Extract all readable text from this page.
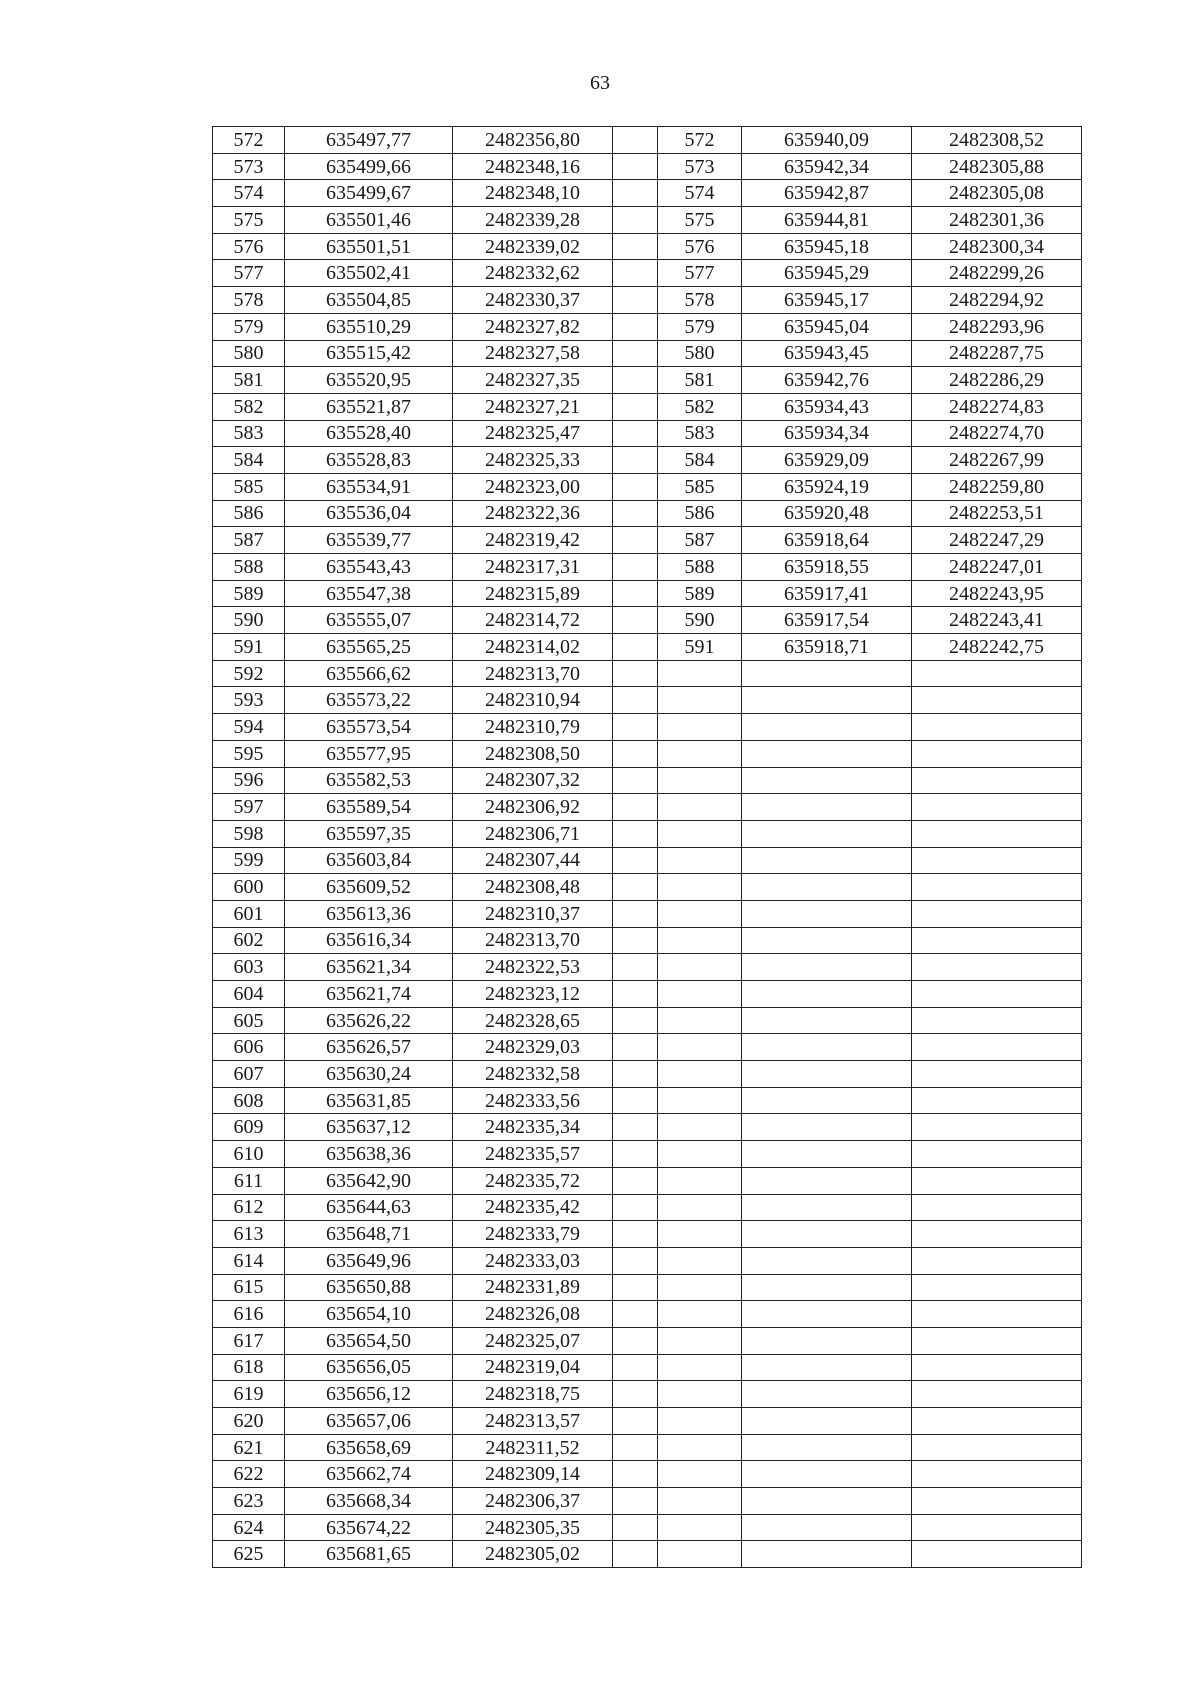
63
572	635497,77	2482356,80		572	635940,09	2482308,52
573	635499,66	2482348,16		573	635942,34	2482305,88
574	635499,67	2482348,10		574	635942,87	2482305,08
575	635501,46	2482339,28		575	635944,81	2482301,36
576	635501,51	2482339,02		576	635945,18	2482300,34
577	635502,41	2482332,62		577	635945,29	2482299,26
578	635504,85	2482330,37		578	635945,17	2482294,92
579	635510,29	2482327,82		579	635945,04	2482293,96
580	635515,42	2482327,58		580	635943,45	2482287,75
581	635520,95	2482327,35		581	635942,76	2482286,29
582	635521,87	2482327,21		582	635934,43	2482274,83
583	635528,40	2482325,47		583	635934,34	2482274,70
584	635528,83	2482325,33		584	635929,09	2482267,99
585	635534,91	2482323,00		585	635924,19	2482259,80
586	635536,04	2482322,36		586	635920,48	2482253,51
587	635539,77	2482319,42		587	635918,64	2482247,29
588	635543,43	2482317,31		588	635918,55	2482247,01
589	635547,38	2482315,89		589	635917,41	2482243,95
590	635555,07	2482314,72		590	635917,54	2482243,41
591	635565,25	2482314,02		591	635918,71	2482242,75
592	635566,62	2482313,70				
593	635573,22	2482310,94				
594	635573,54	2482310,79				
595	635577,95	2482308,50				
596	635582,53	2482307,32				
597	635589,54	2482306,92				
598	635597,35	2482306,71				
599	635603,84	2482307,44				
600	635609,52	2482308,48				
601	635613,36	2482310,37				
602	635616,34	2482313,70				
603	635621,34	2482322,53				
604	635621,74	2482323,12				
605	635626,22	2482328,65				
606	635626,57	2482329,03				
607	635630,24	2482332,58				
608	635631,85	2482333,56				
609	635637,12	2482335,34				
610	635638,36	2482335,57				
611	635642,90	2482335,72				
612	635644,63	2482335,42				
613	635648,71	2482333,79				
614	635649,96	2482333,03				
615	635650,88	2482331,89				
616	635654,10	2482326,08				
617	635654,50	2482325,07				
618	635656,05	2482319,04				
619	635656,12	2482318,75				
620	635657,06	2482313,57				
621	635658,69	2482311,52				
622	635662,74	2482309,14				
623	635668,34	2482306,37				
624	635674,22	2482305,35				
625	635681,65	2482305,02				
